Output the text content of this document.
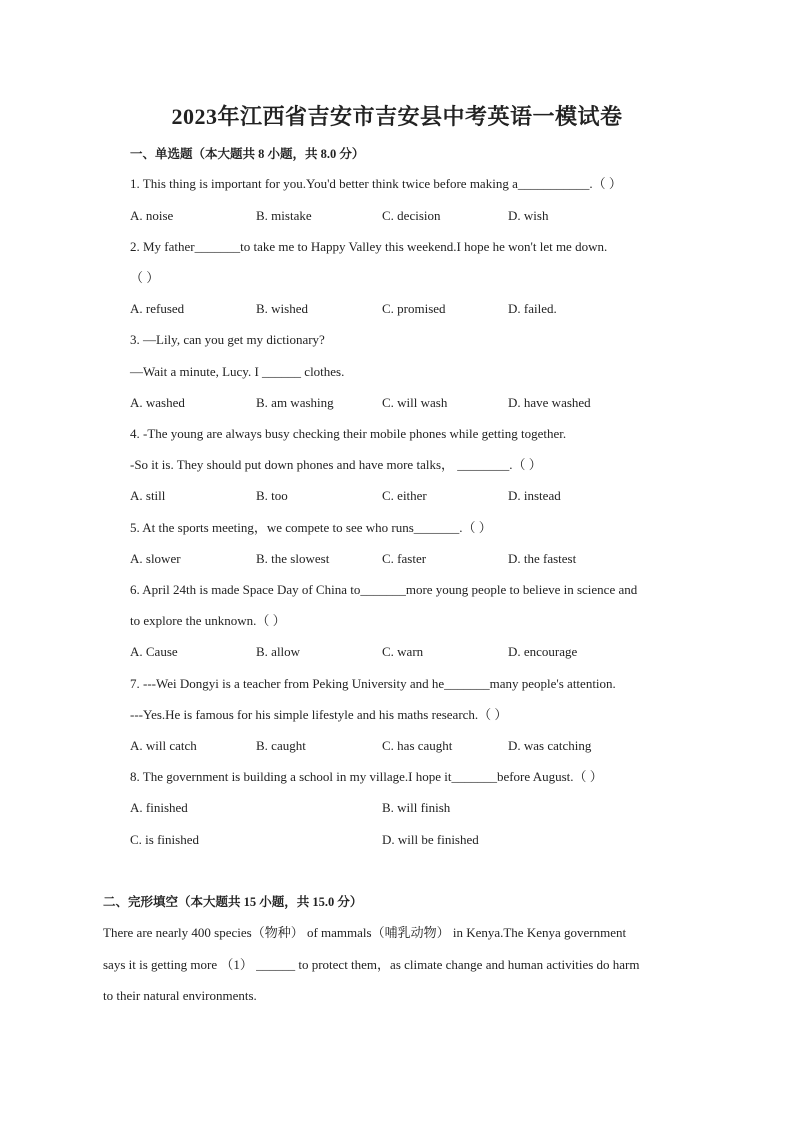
2023年江西省吉安市吉安县中考英语一模试卷
一、单选题（本大题共 8 小题，共 8.0 分）
1. This thing is important for you.You'd better think twice before making a___________.（ ）
A. noise	B. mistake	C. decision	D. wish
2. My father_______to take me to Happy Valley this weekend.I hope he won't let me down.
（ ）
A. refused	B. wished	C. promised	D. failed.
3. —Lily, can you get my dictionary?
—Wait a minute, Lucy. I ______ clothes.
A. washed	B. am washing	C. will wash	D. have washed
4. -The young are always busy checking their mobile phones while getting together.
-So it is. They should put down phones and have more talks， ________.（ ）
A. still	B. too	C. either	D. instead
5. At the sports meeting，we compete to see who runs_______.（ ）
A. slower	B. the slowest	C. faster	D. the fastest
6. April 24th is made Space Day of China to_______more young people to believe in science and
to explore the unknown.（ ）
A. Cause	B. allow	C. warn	D. encourage
7. ---Wei Dongyi is a teacher from Peking University and he_______many people's attention.
---Yes.He is famous for his simple lifestyle and his maths research.（ ）
A. will catch	B. caught	C. has caught	D. was catching
8. The government is building a school in my village.I hope it_______before August.（ ）
A. finished	B. will finish
C. is finished	D. will be finished
二、完形填空（本大题共 15 小题，共 15.0 分）
There are nearly 400 species（物种） of mammals（哺乳动物） in Kenya.The Kenya government
says it is getting more （1） ______ to protect them，as climate change and human activities do harm
to their natural environments.
